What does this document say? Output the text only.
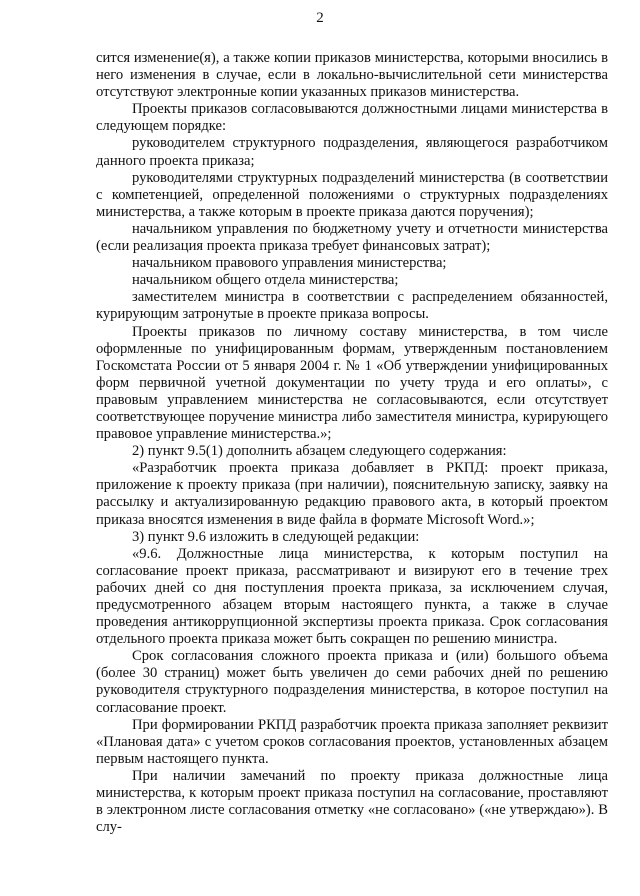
2

сится изменение(я), а также копии приказов министерства, которыми вносились в него изменения в случае, если в локально-вычислительной сети министерства отсутствуют электронные копии указанных приказов министерства.

Проекты приказов согласовываются должностными лицами министерства в следующем порядке:

руководителем структурного подразделения, являющегося разработчиком данного проекта приказа;

руководителями структурных подразделений министерства (в соответствии с компетенцией, определенной положениями о структурных подразделениях министерства, а также которым в проекте приказа даются поручения);

начальником управления по бюджетному учету и отчетности министерства (если реализация проекта приказа требует финансовых затрат);

начальником правового управления министерства;

начальником общего отдела министерства;

заместителем министра в соответствии с распределением обязанностей, курирующим затронутые в проекте приказа вопросы.

Проекты приказов по личному составу министерства, в том числе оформленные по унифицированным формам, утвержденным постановлением Госкомстата России от 5 января 2004 г. № 1 «Об утверждении унифицированных форм первичной учетной документации по учету труда и его оплаты», с правовым управлением министерства не согласовываются, если отсутствует соответствующее поручение министра либо заместителя министра, курирующего правовое управление министерства.»;

2) пункт 9.5(1) дополнить абзацем следующего содержания:

«Разработчик проекта приказа добавляет в РКПД: проект приказа, приложение к проекту приказа (при наличии), пояснительную записку, заявку на рассылку и актуализированную редакцию правового акта, в который проектом приказа вносятся изменения в виде файла в формате Microsoft Word.»;

3) пункт 9.6 изложить в следующей редакции:

«9.6. Должностные лица министерства, к которым поступил на согласование проект приказа, рассматривают и визируют его в течение трех рабочих дней со дня поступления проекта приказа, за исключением случая, предусмотренного абзацем вторым настоящего пункта, а также в случае проведения антикоррупционной экспертизы проекта приказа. Срок согласования отдельного проекта приказа может быть сокращен по решению министра.

Срок согласования сложного проекта приказа и (или) большого объема (более 30 страниц) может быть увеличен до семи рабочих дней по решению руководителя структурного подразделения министерства, в которое поступил на согласование проект.

При формировании РКПД разработчик проекта приказа заполняет реквизит «Плановая дата» с учетом сроков согласования проектов, установленных абзацем первым настоящего пункта.

При наличии замечаний по проекту приказа должностные лица министерства, к которым проект приказа поступил на согласование, проставляют в электронном листе согласования отметку «не согласовано» («не утверждаю»). В слу-
